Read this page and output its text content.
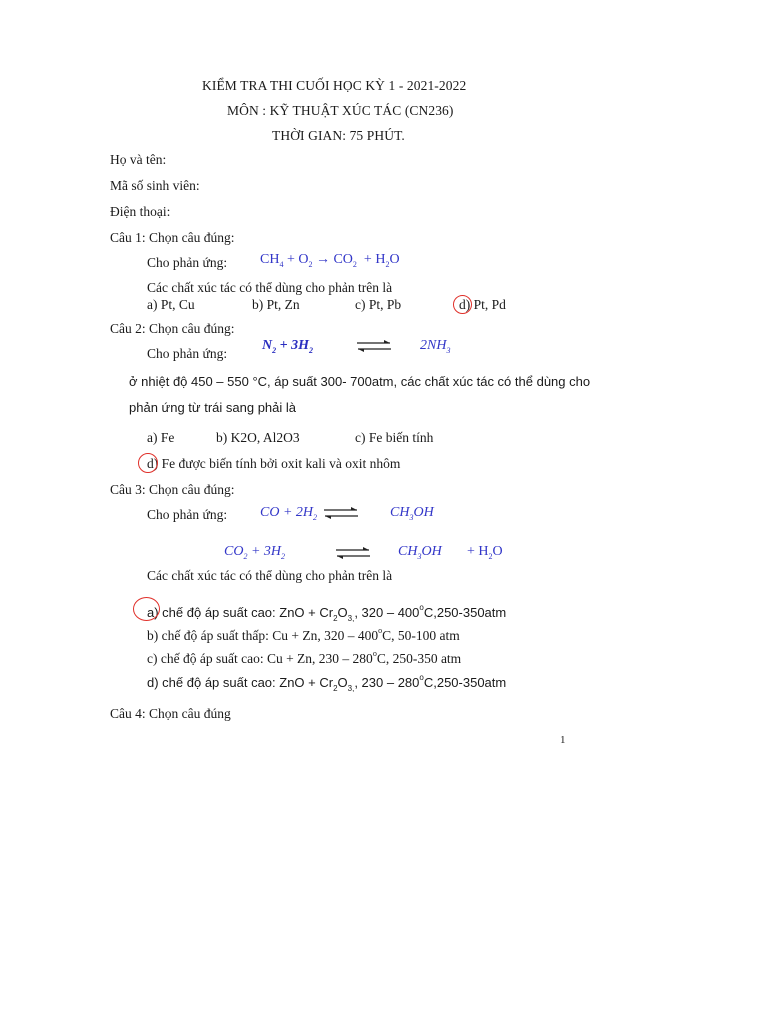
KIỂM TRA THI CUỐI HỌC KỲ 1 - 2021-2022
MÔN : KỸ THUẬT XÚC TÁC (CN236)
THỜI GIAN: 75 PHÚT.
Họ và tên:
Mã số sinh viên:
Điện thoại:
Câu 1: Chọn câu đúng:
Cho phản ứng: $CH_4 + O_2 \to CO_2 + H_2O$
Các chất xúc tác có thể dùng cho phản trên là
a) Pt, Cu	b) Pt, Zn	c) Pt, Pb	d) Pt, Pd
Câu 2: Chọn câu đúng:
Cho phản ứng:
$N_2 + 3H_2$	$2NH_3$
ở nhiệt độ 450 – 550 °C, áp suất 300- 700atm, các chất xúc tác có thể dùng cho
phản ứng từ trái sang phải là
a) Fe	b) K2O, Al2O3	c) Fe biến tính
d) Fe được biến tính bởi oxit kali và oxit nhôm
Câu 3: Chọn câu đúng:
Cho phản ứng: CO + $2H_2$	$CH_3OH$
$CO_2 + 3H_2$	$CH_3OH + H_2O$
Các chất xúc tác có thể dùng cho phản trên là
a) chế độ áp suất cao: ZnO + $Cr_2O_{3,}$, 320 – 400$^o$C,250-350atm
b) chế độ áp suất thấp: Cu + Zn, 320 – 400$^o$C, 50-100 atm
c) chế độ áp suất cao: Cu + Zn, 230 – 280$^o$C, 250-350 atm
d) chế độ áp suất cao: ZnO + $Cr_2O_{3,}$, 230 – 280$^o$C,250-350atm
Câu 4: Chọn câu đúng
1
